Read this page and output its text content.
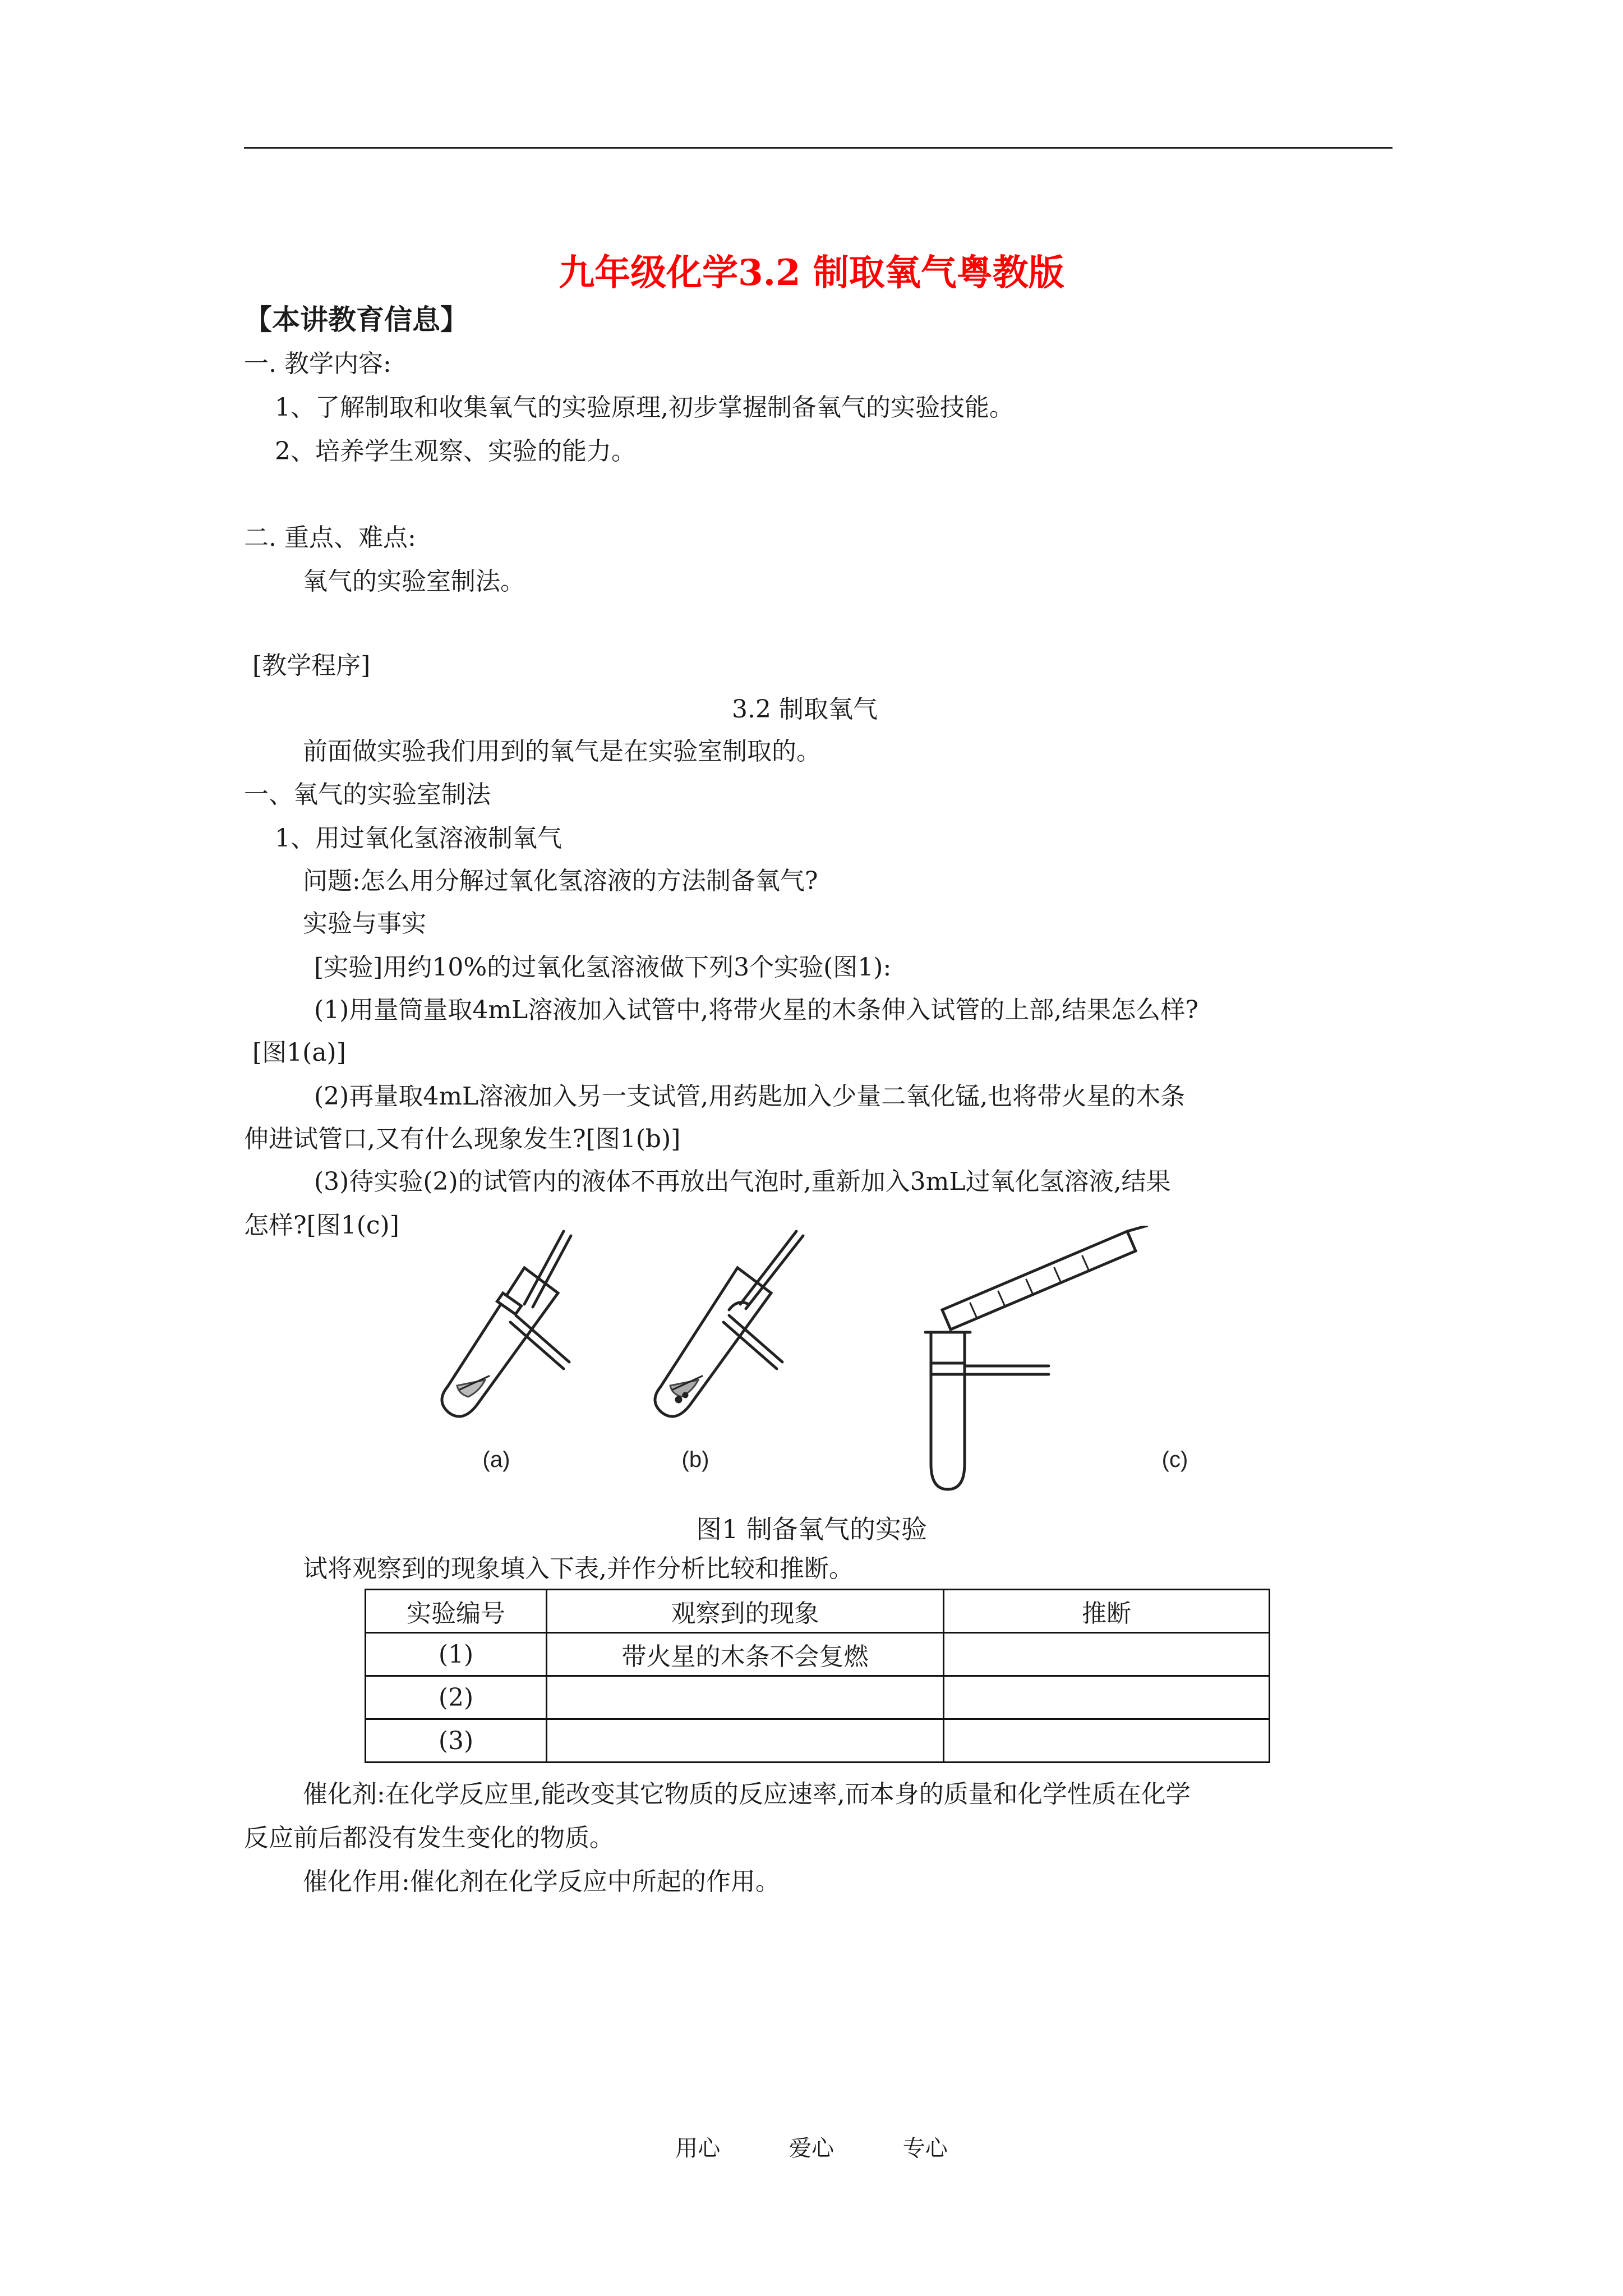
九年级化学3.2 制取氧气粤教版
【本讲教育信息】
一. 教学内容:
1、了解制取和收集氧气的实验原理,初步掌握制备氧气的实验技能。
2、培养学生观察、实验的能力。
二. 重点、难点:
氧气的实验室制法。
[教学程序]
3.2 制取氧气
前面做实验我们用到的氧气是在实验室制取的。
一、氧气的实验室制法
1、用过氧化氢溶液制氧气
问题:怎么用分解过氧化氢溶液的方法制备氧气?
实验与事实
[实验]用约10%的过氧化氢溶液做下列3个实验(图1):
(1)用量筒量取4mL溶液加入试管中,将带火星的木条伸入试管的上部,结果怎么样?
[图1(a)]
(2)再量取4mL溶液加入另一支试管,用药匙加入少量二氧化锰,也将带火星的木条
伸进试管口,又有什么现象发生?[图1(b)]
(3)待实验(2)的试管内的液体不再放出气泡时,重新加入3mL过氧化氢溶液,结果
怎样?[图1(c)]
(a)	(b)	(c)
图1 制备氧气的实验
试将观察到的现象填入下表,并作分析比较和推断。
实验编号	观察到的现象	推断
(1)	带火星的木条不会复燃	
(2)		
(3)		
催化剂:在化学反应里,能改变其它物质的反应速率,而本身的质量和化学性质在化学
反应前后都没有发生变化的物质。
催化作用:催化剂在化学反应中所起的作用。
用心	爱心	专心
